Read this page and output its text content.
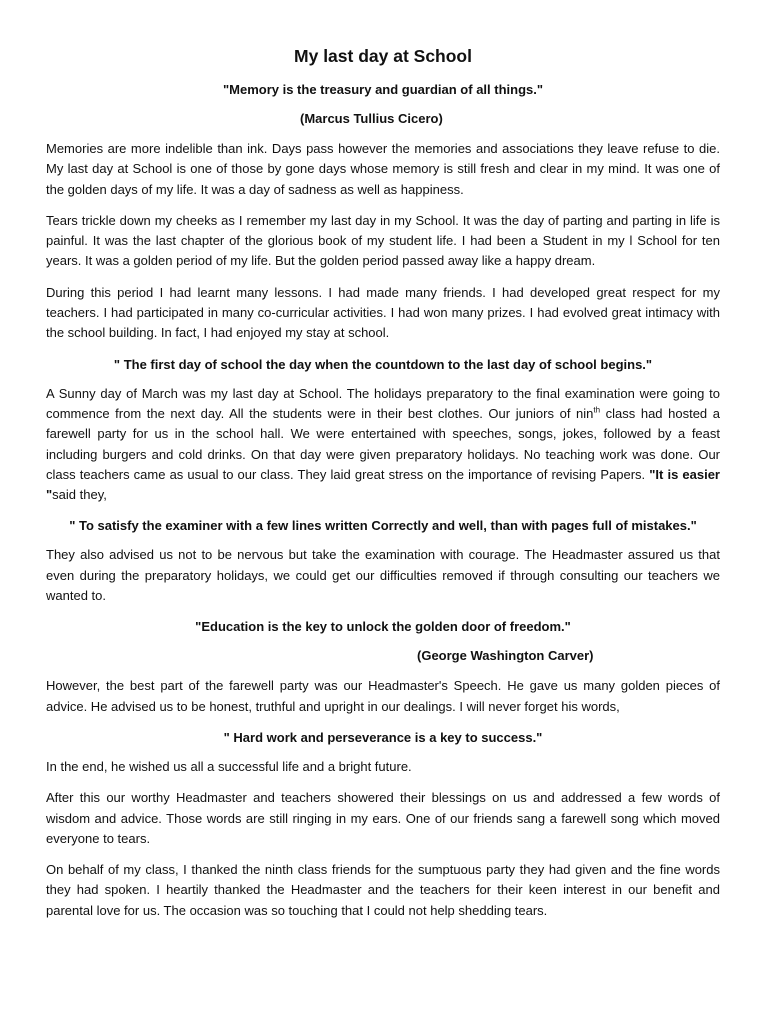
My last day at School
"Memory is the treasury and guardian of all things."
(Marcus Tullius Cicero)

Memories are more indelible than ink. Days pass however the memories and associations they leave refuse to die. My last day at School is one of those by gone days whose memory is still fresh and clear in my mind. It was one of the golden days of my life. It was a day of sadness as well as happiness.

Tears trickle down my cheeks as I remember my last day in my School. It was the day of parting and parting in life is painful. It was the last chapter of the glorious book of my student life. I had been a Student in my l School for ten years. It was a golden period of my life. But the golden period passed away like a happy dream.

During this period I had learnt many lessons. I had made many friends. I had developed great respect for my teachers. I had participated in many co-curricular activities. I had won many prizes. I had evolved great intimacy with the school building. In fact, I had enjoyed my stay at school.

" The first day of school the day when the countdown to the last day of school begins."

A Sunny day of March was my last day at School. The holidays preparatory to the final examination were going to commence from the next day. All the students were in their best clothes. Our juniors of nin$^{th}$ class had hosted a farewell party for us in the school hall. We were entertained with speeches, songs, jokes, followed by a feast including burgers and cold drinks. On that day were given preparatory holidays. No teaching work was done. Our class teachers came as usual to our class. They laid great stress on the importance of revising Papers. "It is easier "said they,

" To satisfy the examiner with a few lines written Correctly and well, than with pages full of mistakes."

They also advised us not to be nervous but take the examination with courage. The Headmaster assured us that even during the preparatory holidays, we could get our difficulties removed if through consulting our teachers we wanted to.

"Education is the key to unlock the golden door of freedom."
(George Washington Carver)

However, the best part of the farewell party was our Headmaster's Speech. He gave us many golden pieces of advice. He advised us to be honest, truthful and upright in our dealings. I will never forget his words,

" Hard work and perseverance is a key to success."

In the end, he wished us all a successful life and a bright future.

After this our worthy Headmaster and teachers showered their blessings on us and addressed a few words of wisdom and advice. Those words are still ringing in my ears. One of our friends sang a farewell song which moved everyone to tears.

On behalf of my class, I thanked the ninth class friends for the sumptuous party they had given and the fine words they had spoken. I heartily thanked the Headmaster and the teachers for their keen interest in our benefit and parental love for us. The occasion was so touching that I could not help shedding tears.
